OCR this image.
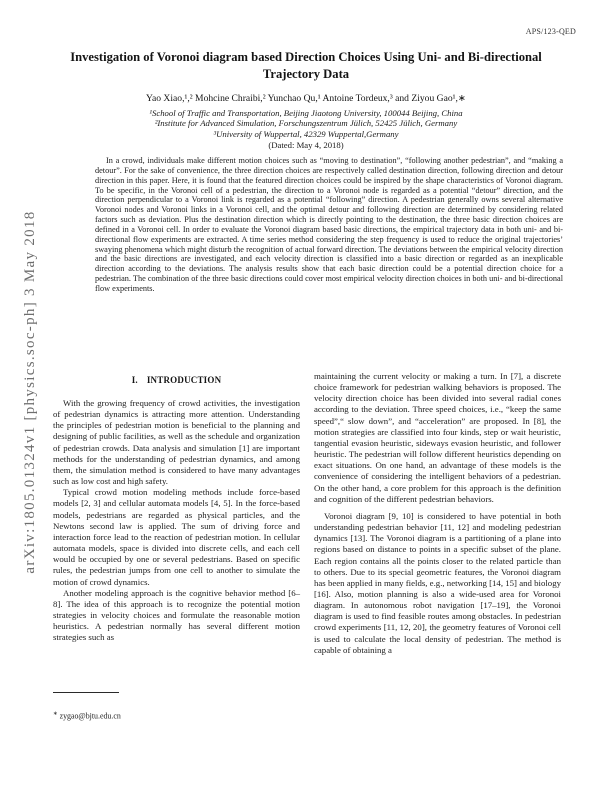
APS/123-QED
arXiv:1805.01324v1 [physics.soc-ph] 3 May 2018
Investigation of Voronoi diagram based Direction Choices Using Uni- and Bi-directional Trajectory Data
Yao Xiao,¹,² Mohcine Chraibi,² Yunchao Qu,¹ Antoine Tordeux,³ and Ziyou Gao¹,∗
¹School of Traffic and Transportation, Beijing Jiaotong University, 100044 Beijing, China
²Institute for Advanced Simulation, Forschungszentrum Jülich, 52425 Jülich, Germany
³University of Wuppertal, 42329 Wuppertal,Germany
(Dated: May 4, 2018)

In a crowd, individuals make different motion choices such as “moving to destination”, “following another pedestrian”, and “making a detour”. For the sake of convenience, the three direction choices are respectively called destination direction, following direction and detour direction in this paper. Here, it is found that the featured direction choices could be inspired by the shape characteristics of Voronoi diagram. To be specific, in the Voronoi cell of a pedestrian, the direction to a Voronoi node is regarded as a potential “detour” direction, and the direction perpendicular to a Voronoi link is regarded as a potential “following” direction. A pedestrian generally owns several alternative Voronoi nodes and Voronoi links in a Voronoi cell, and the optimal detour and following direction are determined by considering related factors such as deviation. Plus the destination direction which is directly pointing to the destination, the three basic direction choices are defined in a Voronoi cell. In order to evaluate the Voronoi diagram based basic directions, the empirical trajectory data in both uni- and bi-directional flow experiments are extracted. A time series method considering the step frequency is used to reduce the original trajectories’ swaying phenomena which might disturb the recognition of actual forward direction. The deviations between the empirical velocity direction and the basic directions are investigated, and each velocity direction is classified into a basic direction or regarded as an inexplicable direction according to the deviations. The analysis results show that each basic direction could be a potential direction choice for a pedestrian. The combination of the three basic directions could cover most empirical velocity direction choices in both uni- and bi-directional flow experiments.

I. INTRODUCTION

With the growing frequency of crowd activities, the investigation of pedestrian dynamics is attracting more attention. Understanding the principles of pedestrian motion is beneficial to the planning and designing of public facilities, as well as the schedule and organization of pedestrian crowds. Data analysis and simulation [1] are important methods for the understanding of pedestrian dynamics, and among them, the simulation method is considered to have many advantages such as low cost and high safety.

Typical crowd motion modeling methods include force-based models [2, 3] and cellular automata models [4, 5]. In the force-based models, pedestrians are regarded as physical particles, and the Newtons second law is applied. The sum of driving force and interaction force lead to the reaction of pedestrian motion. In cellular automata models, space is divided into discrete cells, and each cell would be occupied by one or several pedestrians. Based on specific rules, the pedestrian jumps from one cell to another to simulate the motion of crowd dynamics.

Another modeling approach is the cognitive behavior method [6–8]. The idea of this approach is to recognize the potential motion strategies in velocity choices and formulate the reasonable motion heuristics. A pedestrian normally has several different motion strategies such as

maintaining the current velocity or making a turn. In [7], a discrete choice framework for pedestrian walking behaviors is proposed. The velocity direction choice has been divided into several radial cones according to the deviation. Three speed choices, i.e., “keep the same speed”,“ slow down”, and “acceleration” are proposed. In [8], the motion strategies are classified into four kinds, step or wait heuristic, tangential evasion heuristic, sideways evasion heuristic, and follower heuristic. The pedestrian will follow different heuristics depending on exact situations. On one hand, an advantage of these models is the convenience of considering the intelligent behaviors of a pedestrian. On the other hand, a core problem for this approach is the definition and cognition of the different pedestrian behaviors.

Voronoi diagram [9, 10] is considered to have potential in both understanding pedestrian behavior [11, 12] and modeling pedestrian dynamics [13]. The Voronoi diagram is a partitioning of a plane into regions based on distance to points in a specific subset of the plane. Each region contains all the points closer to the related particle than to others. Due to its special geometric features, the Voronoi diagram has been applied in many fields, e.g., networking [14, 15] and biology [16]. Also, motion planning is also a wide-used area for Voronoi diagram. In autonomous robot navigation [17–19], the Voronoi diagram is used to find feasible routes among obstacles. In pedestrian crowd experiments [11, 12, 20], the geometry features of Voronoi cell is used to calculate the local density of pedestrian. The method is capable of obtaining a

∗ zygao@bjtu.edu.cn
